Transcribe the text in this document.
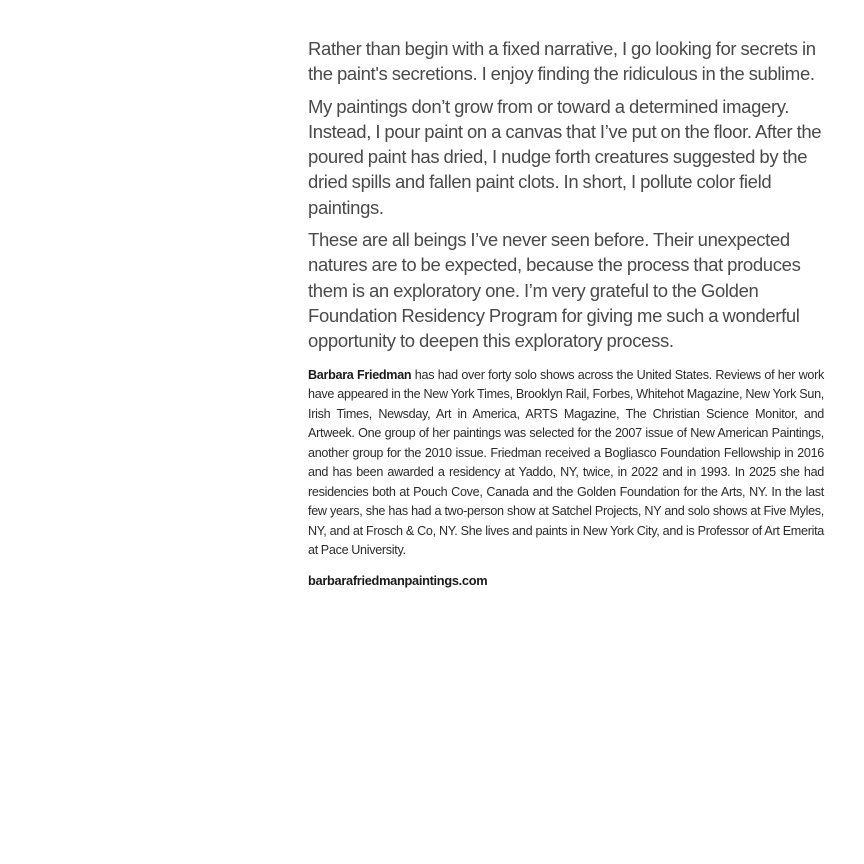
Rather than begin with a fixed narrative, I go looking for secrets in the paint's secretions. I enjoy finding the ridiculous in the sublime.

My paintings don’t grow from or toward a determined imagery. Instead, I pour paint on a canvas that I’ve put on the floor. After the poured paint has dried, I nudge forth creatures suggested by the dried spills and fallen paint clots. In short, I pollute color field paintings.

These are all beings I’ve never seen before. Their unexpected natures are to be expected, because the process that produces them is an exploratory one. I’m very grateful to the Golden Foundation Residency Program for giving me such a wonderful opportunity to deepen this exploratory process.

Barbara Friedman has had over forty solo shows across the United States. Reviews of her work have appeared in the New York Times, Brooklyn Rail, Forbes, Whitehot Magazine, New York Sun, Irish Times, Newsday, Art in America, ARTS Magazine, The Christian Science Monitor, and Artweek. One group of her paintings was selected for the 2007 issue of New American Paintings, another group for the 2010 issue. Friedman received a Bogliasco Foundation Fellowship in 2016 and has been awarded a residency at Yaddo, NY, twice, in 2022 and in 1993. In 2025 she had residencies both at Pouch Cove, Canada and the Golden Foundation for the Arts, NY. In the last few years, she has had a two-person show at Satchel Projects, NY and solo shows at Five Myles, NY, and at Frosch & Co, NY. She lives and paints in New York City, and is Professor of Art Emerita at Pace University.

barbarafriedmanpaintings.com
